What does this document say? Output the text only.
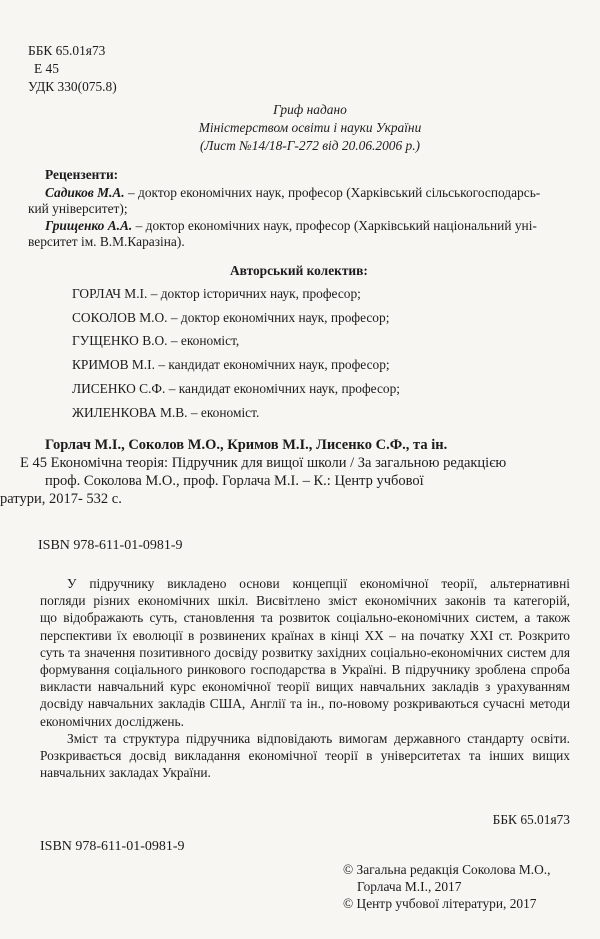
ББК 65.01я73
Е 45
УДК 330(075.8)
Гриф надано
Міністерством освіти і науки України
(Лист №14/18-Г-272 від 20.06.2006 р.)
Рецензенти:
Садиков М.А. – доктор економічних наук, професор (Харківський сільськогосподарсь-
кий університет);
Грищенко А.А. – доктор економічних наук, професор (Харківський національний уні-
верситет ім. В.М.Каразіна).
Авторський колектив:
ГОРЛАЧ М.І. – доктор історичних наук, професор;
СОКОЛОВ М.О. – доктор економічних наук, професор;
ГУЩЕНКО В.О. – економіст,
КРИМОВ М.І. – кандидат економічних наук, професор;
ЛИСЕНКО С.Ф. – кандидат економічних наук, професор;
ЖИЛЕНКОВА М.В. – економіст.
Горлач М.І., Соколов М.О., Кримов М.І., Лисенко С.Ф., та ін.
Е 45 Економічна теорія: Підручник для вищої школи / За загальною редакцією
проф. Соколова М.О., проф. Горлача М.І. – К.: Центр учбової
ратури, 2017- 532 с.
ISBN 978-611-01-0981-9
У підручнику викладено основи концепції економічної теорії, альтернативні
погляди різних економічних шкіл. Висвітлено зміст економічних законів та категорій,
що відображають суть, становлення та розвиток соціально-економічних систем, а також
перспективи їх еволюції в розвинених країнах в кінці XX – на початку XXI ст. Розкрито
суть та значення позитивного досвіду розвитку західних соціально-економічних систем для
формування соціального ринкового господарства в Україні. В підручнику зроблена спроба
викласти навчальний курс економічної теорії вищих навчальних закладів з урахуванням
досвіду навчальних закладів США, Англії та ін., по-новому розкриваються сучасні методи
економічних досліджень.
Зміст та структура підручника відповідають вимогам державного стандарту освіти.
Розкривається досвід викладання економічної теорії в університетах та інших вищих
навчальних закладах України.
ББК 65.01я73
ISBN 978-611-01-0981-9
© Загальна редакція Соколова М.О.,
Горлача М.І., 2017
© Центр учбової літератури, 2017
